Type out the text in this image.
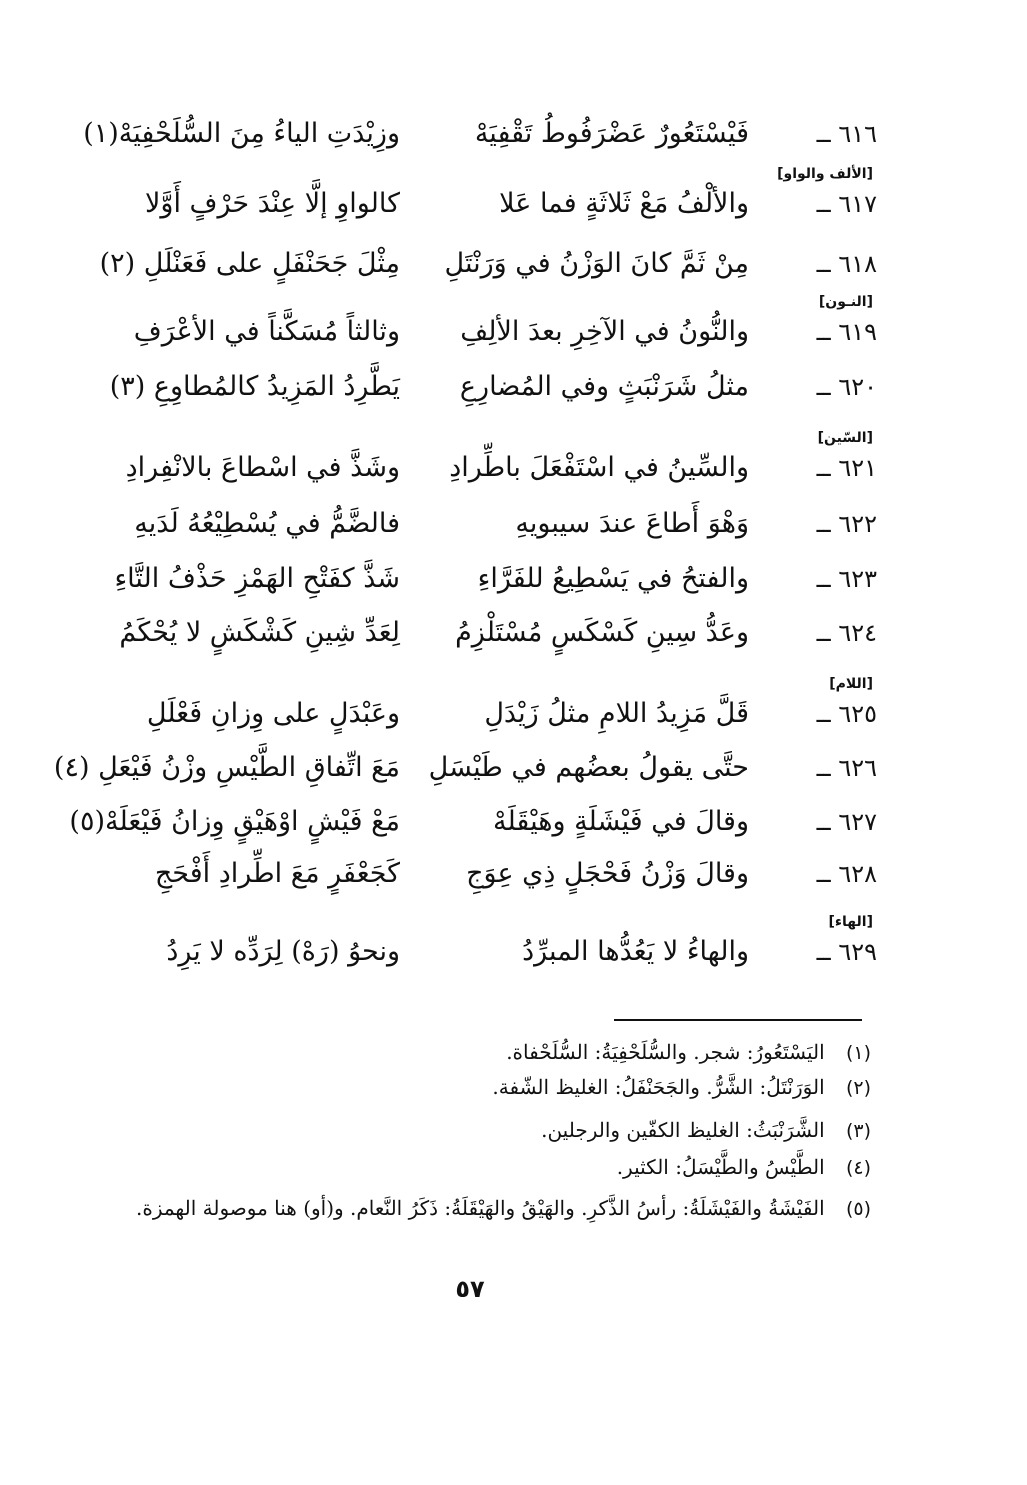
٦١٦ ــ
فَيْسْتَعُورٌ عَضْرَفُوطُ تَقْفِيَهْ
وزِيْدَتِ الياءُ مِنَ السُّلَحْفِيَهْ(١)
[الألف والواو]
٦١٧ ــ
والألْفُ مَعْ ثَلاثَةٍ فما عَلا
كالواوِ إلَّا عِنْدَ حَرْفٍ أَوَّلا
٦١٨ ــ
مِنْ ثَمَّ كانَ الوَزْنُ في وَرَنْتَلِ
مِثْلَ جَحَنْفَلٍ على فَعَنْلَلِ (٢)
[النـون]
٦١٩ ــ
والنُّونُ في الآخِرِ بعدَ الألِفِ
وثالثاً مُسَكَّناً في الأعْرَفِ
٦٢٠ ــ
مثلُ شَرَنْبَثٍ وفي المُضارِعِ
يَطَّرِدُ المَزِيدُ كالمُطاوِعِ (٣)
[السّين]
٦٢١ ــ
والسِّينُ في اسْتَفْعَلَ باطِّرادِ
وشَذَّ في اسْطاعَ بالانْفِرادِ
٦٢٢ ــ
وَهْوَ أَطاعَ عندَ سيبويهِ
فالضَّمُّ في يُسْطِيْعُهُ لَدَيهِ
٦٢٣ ــ
والفتحُ في يَسْطِيعُ للفَرَّاءِ
شَذَّ كفَتْحِ الهَمْزِ حَذْفُ التَّاءِ
٦٢٤ ــ
وعَدُّ سِينِ كَسْكَسٍ مُسْتَلْزِمُ
لِعَدِّ شِينِ كَشْكَشٍ لا يُحْكَمُ
[اللام]
٦٢٥ ــ
قَلَّ مَزِيدُ اللامِ مثلُ زَيْدَلِ
وعَبْدَلٍ على وِزانِ فَعْلَلِ
٦٢٦ ــ
حتَّى يقولُ بعضُهم في طَيْسَلِ
مَعَ اتِّفاقِ الطَّيْسِ وزْنُ فَيْعَلِ (٤)
٦٢٧ ــ
وقالَ في فَيْشَلَةٍ وهَيْقَلَهْ
مَعْ فَيْشٍ اوْهَيْقٍ وِزانُ فَيْعَلَهْ(٥)
٦٢٨ ــ
وقالَ وَزْنُ فَحْجَلٍ ذِي عِوَجِ
كَجَعْفَرٍ مَعَ اطِّرادِ أَفْحَجِ
[الهاء]
٦٢٩ ــ
والهاءُ لا يَعُدُّها المبرِّدُ
ونحوُ (رَهْ) لِرَدِّه لا يَرِدُ
(١) اليَسْتَعُورُ: شجر. والسُّلَحْفِيَةُ: السُّلَحْفاة.
(٢) الوَرَنْتَلُ: الشَّرُّ. والجَحَنْفَلُ: الغليظ الشّفة.
(٣) الشَّرَنْبَثُ: الغليظ الكفّين والرجلين.
(٤) الطَّيْسُ والطَّيْسَلُ: الكثير.
(٥) الفَيْشَةُ والفَيْشَلَةُ: رأسُ الذَّكرِ. والهَيْقُ والهَيْقَلَةُ: ذَكَرُ النَّعام. و(أو) هنا موصولة الهمزة.
٥٧
